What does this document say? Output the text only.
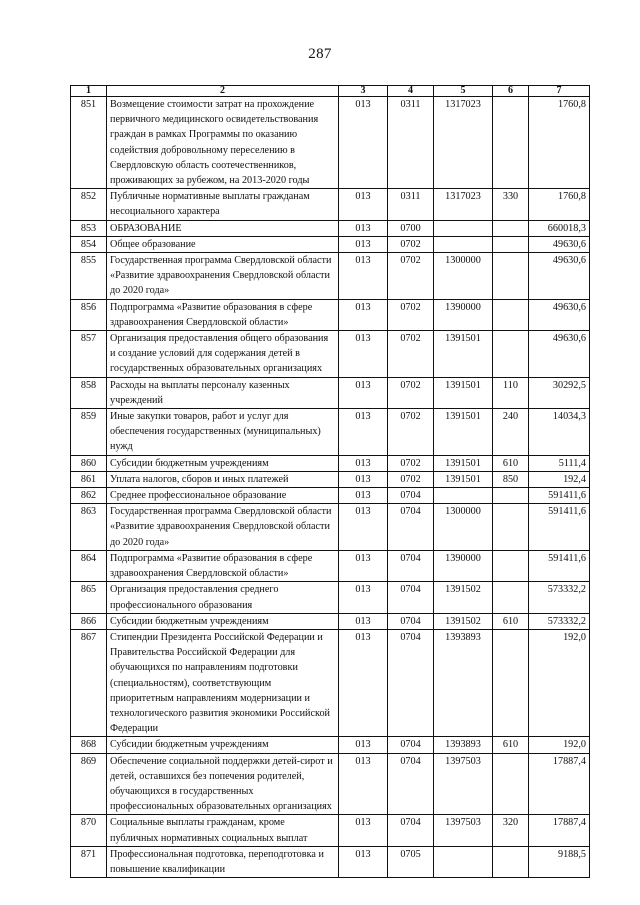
287
1	2	3	4	5	6	7
851	Возмещение стоимости затрат на прохождение первичного медицинского освидетельствования граждан в рамках Программы по оказанию содействия добровольному переселению в Свердловскую область соотечественников, проживающих за рубежом, на 2013-2020 годы	013	0311	1317023		1760,8
852	Публичные нормативные выплаты гражданам несоциального характера	013	0311	1317023	330	1760,8
853	ОБРАЗОВАНИЕ	013	0700			660018,3
854	Общее образование	013	0702			49630,6
855	Государственная программа Свердловской области «Развитие здравоохранения Свердловской области до 2020 года»	013	0702	1300000		49630,6
856	Подпрограмма «Развитие образования в сфере здравоохранения Свердловской области»	013	0702	1390000		49630,6
857	Организация предоставления общего образования и создание условий для содержания детей в государственных образовательных организациях	013	0702	1391501		49630,6
858	Расходы на выплаты персоналу казенных учреждений	013	0702	1391501	110	30292,5
859	Иные закупки товаров, работ и услуг для обеспечения государственных (муниципальных) нужд	013	0702	1391501	240	14034,3
860	Субсидии бюджетным учреждениям	013	0702	1391501	610	5111,4
861	Уплата налогов, сборов и иных платежей	013	0702	1391501	850	192,4
862	Среднее профессиональное образование	013	0704			591411,6
863	Государственная программа Свердловской области «Развитие здравоохранения Свердловской области до 2020 года»	013	0704	1300000		591411,6
864	Подпрограмма «Развитие образования в сфере здравоохранения Свердловской области»	013	0704	1390000		591411,6
865	Организация предоставления среднего профессионального образования	013	0704	1391502		573332,2
866	Субсидии бюджетным учреждениям	013	0704	1391502	610	573332,2
867	Стипендии Президента Российской Федерации и Правительства Российской Федерации для обучающихся по направлениям подготовки (специальностям), соответствующим приоритетным направлениям модернизации и технологического развития экономики Российской Федерации	013	0704	1393893		192,0
868	Субсидии бюджетным учреждениям	013	0704	1393893	610	192,0
869	Обеспечение социальной поддержки детей-сирот и детей, оставшихся без попечения родителей, обучающихся в государственных профессиональных образовательных организациях	013	0704	1397503		17887,4
870	Социальные выплаты гражданам, кроме публичных нормативных социальных выплат	013	0704	1397503	320	17887,4
871	Профессиональная подготовка, переподготовка и повышение квалификации	013	0705			9188,5
